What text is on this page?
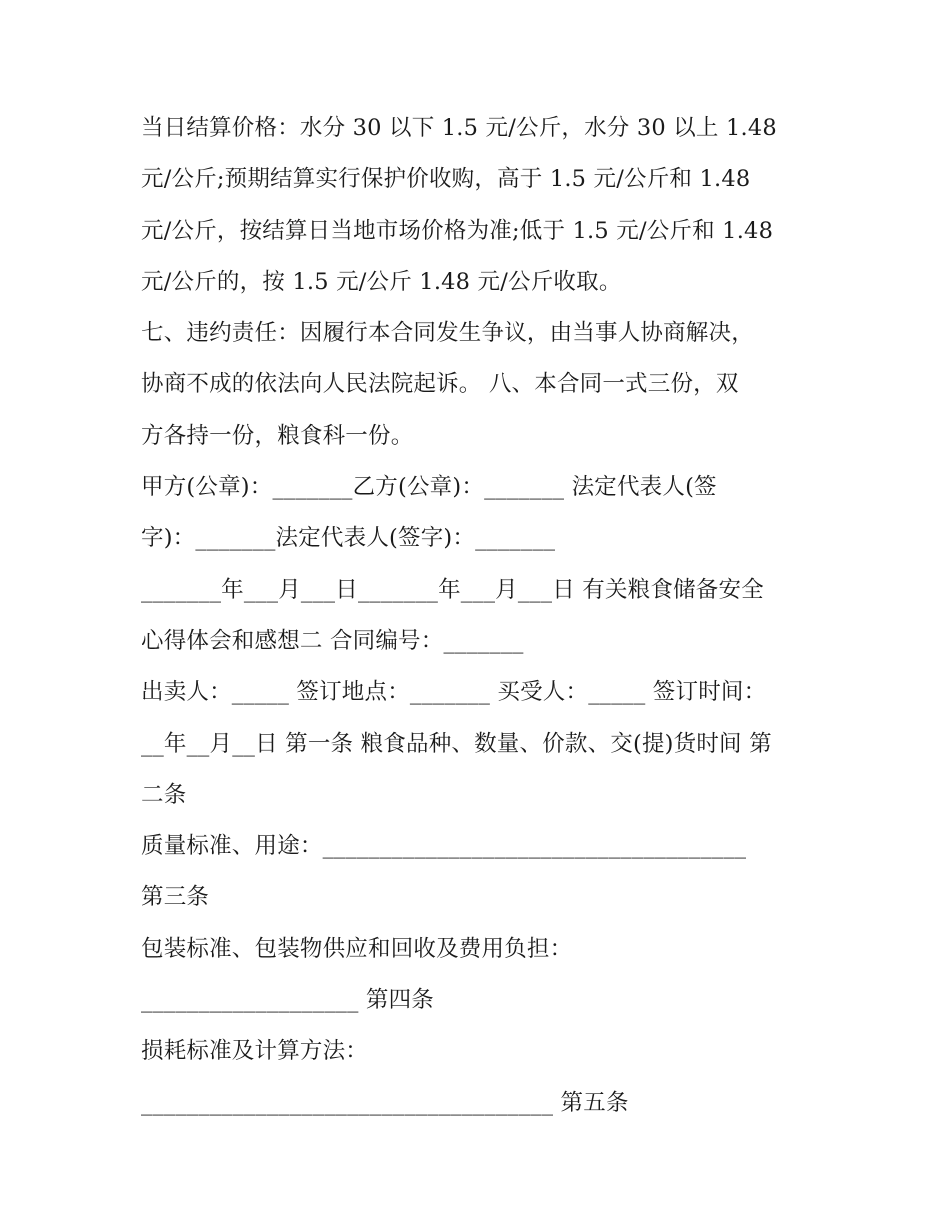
当日结算价格：水分 30 以下 1.5 元/公斤，水分 30 以上 1.48
元/公斤;预期结算实行保护价收购，高于 1.5 元/公斤和 1.48
元/公斤，按结算日当地市场价格为准;低于 1.5 元/公斤和 1.48
元/公斤的，按 1.5 元/公斤 1.48 元/公斤收取。
七、违约责任：因履行本合同发生争议，由当事人协商解决，
协商不成的依法向人民法院起诉。 八、本合同一式三份，双
方各持一份，粮食科一份。
甲方(公章)：_______乙方(公章)：_______ 法定代表人(签
字)：_______法定代表人(签字)：_______
_______年___月___日_______年___月___日 有关粮食储备安全
心得体会和感想二 合同编号：_______
出卖人：_____ 签订地点：_______ 买受人：_____ 签订时间：
__年__月__日 第一条 粮食品种、数量、价款、交(提)货时间 第
二条
质量标准、用途：_____________________________________
第三条
包装标准、包装物供应和回收及费用负担：
___________________ 第四条
损耗标准及计算方法：
____________________________________ 第五条
